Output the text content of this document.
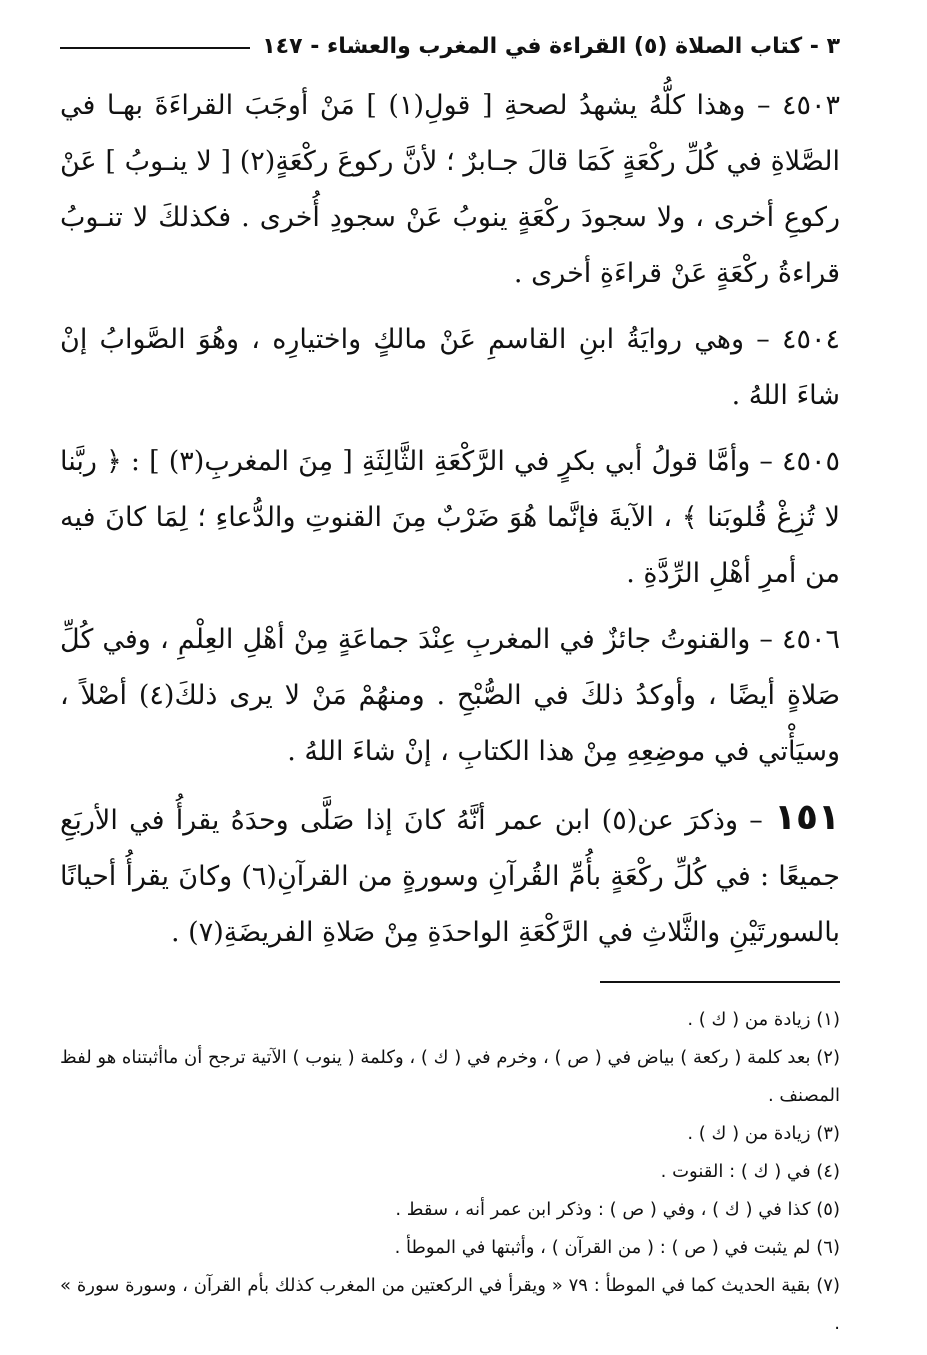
٣ - كتاب الصلاة (٥) القراءة في المغرب والعشاء - ١٤٧

٤٥٠٣ – وهذا كلُّهُ يشهدُ لصحةِ [ قولِ(١) ] مَنْ أوجَبَ القراءَةَ بهـا في الصَّلاةِ في كُلِّ ركْعَةٍ كَمَا قالَ جـابرٌ ؛ لأنَّ ركوعَ ركْعَةٍ(٢) [ لا ينـوبُ ] عَنْ ركوعِ أخرى ، ولا سجودَ ركْعَةٍ ينوبُ عَنْ سجودِ أُخرى . فكذلكَ لا تنـوبُ قراءةُ ركْعَةٍ عَنْ قراءَةِ أخرى .

٤٥٠٤ – وهي روايَةُ ابنِ القاسمِ عَنْ مالكٍ واختيارِه ، وهُوَ الصَّوابُ إنْ شاءَ اللهُ .

٤٥٠٥ – وأمَّا قولُ أبي بكرٍ في الرَّكْعَةِ الثَّالِثَةِ [ مِنَ المغربِ(٣) ] : ﴿ ربَّنا لا تُزِغْ قُلوبَنا ﴾ ، الآيةَ فإنَّما هُوَ ضَرْبٌ مِنَ القنوتِ والدُّعاءِ ؛ لِمَا كانَ فيه من أمرِ أهْلِ الرِّدَّةِ .

٤٥٠٦ – والقنوتُ جائزٌ في المغربِ عِنْدَ جماعَةٍ مِنْ أهْلِ العِلْمِ ، وفي كُلِّ صَلاةٍ أيضًا ، وأوكدُ ذلكَ في الصُّبْحِ . ومنهُمْ مَنْ لا يرى ذلكَ(٤) أصْلاً ، وسيَأْتي في موضِعِهِ مِنْ هذا الكتابِ ، إنْ شاءَ اللهُ .

١٥١ – وذكرَ عن(٥) ابن عمر أنَّهُ كانَ إذا صَلَّى وحدَهُ يقرأُ في الأربَعِ جميعًا : في كُلِّ ركْعَةٍ بأُمِّ القُرآنِ وسورةٍ من القرآنِ(٦) وكانَ يقرأُ أحيانًا بالسورتَيْنِ والثَّلاثِ في الرَّكْعَةِ الواحدَةِ مِنْ صَلاةِ الفريضَةِ(٧) .

(١) زيادة من ( ك ) .

(٢) بعد كلمة ( ركعة ) بياض في ( ص ) ، وخرم في ( ك ) ، وكلمة ( ينوب ) الآتية ترجح أن ماأثبتناه هو لفظ المصنف .

(٣) زيادة من ( ك ) .

(٤) في ( ك ) : القنوت .

(٥) كذا في ( ك ) ، وفي ( ص ) : وذكر ابن عمر أنه ، سقط .

(٦) لم يثبت في ( ص ) : ( من القرآن ) ، وأثبتها في الموطأ .

(٧) بقية الحديث كما في الموطأ : ٧٩ « ويقرأ في الركعتين من المغرب كذلك بأم القرآن ، وسورة سورة » .
